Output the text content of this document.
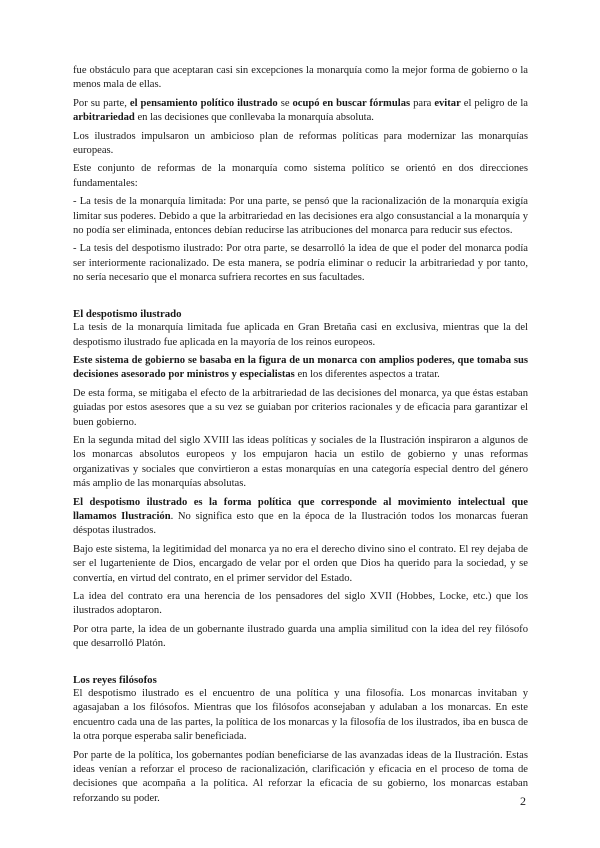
fue obstáculo para que aceptaran casi sin excepciones la monarquía como la mejor forma de gobierno o la menos mala de ellas.

Por su parte, el pensamiento político ilustrado se ocupó en buscar fórmulas para evitar el peligro de la arbitrariedad en las decisiones que conllevaba la monarquía absoluta.

Los ilustrados impulsaron un ambicioso plan de reformas políticas para modernizar las monarquías europeas.

Este conjunto de reformas de la monarquía como sistema político se orientó en dos direcciones fundamentales:

- La tesis de la monarquía limitada: Por una parte, se pensó que la racionalización de la monarquía exigía limitar sus poderes. Debido a que la arbitrariedad en las decisiones era algo consustancial a la monarquía y no podía ser eliminada, entonces debían reducirse las atribuciones del monarca para reducir sus efectos.

- La tesis del despotismo ilustrado: Por otra parte, se desarrolló la idea de que el poder del monarca podía ser interiormente racionalizado. De esta manera, se podría eliminar o reducir la arbitrariedad y por tanto, no sería necesario que el monarca sufriera recortes en sus facultades.

El despotismo ilustrado

La tesis de la monarquía limitada fue aplicada en Gran Bretaña casi en exclusiva, mientras que la del despotismo ilustrado fue aplicada en la mayoría de los reinos europeos.

Este sistema de gobierno se basaba en la figura de un monarca con amplios poderes, que tomaba sus decisiones asesorado por ministros y especialistas en los diferentes aspectos a tratar.

De esta forma, se mitigaba el efecto de la arbitrariedad de las decisiones del monarca, ya que éstas estaban guiadas por estos asesores que a su vez se guiaban por criterios racionales y de eficacia para garantizar el buen gobierno.

En la segunda mitad del siglo XVIII las ideas políticas y sociales de la Ilustración inspiraron a algunos de los monarcas absolutos europeos y los empujaron hacia un estilo de gobierno y unas reformas organizativas y sociales que convirtieron a estas monarquías en una categoría especial dentro del género más amplio de las monarquías absolutas.

El despotismo ilustrado es la forma política que corresponde al movimiento intelectual que llamamos Ilustración. No significa esto que en la época de la Ilustración todos los monarcas fueran déspotas ilustrados.

Bajo este sistema, la legitimidad del monarca ya no era el derecho divino sino el contrato. El rey dejaba de ser el lugarteniente de Dios, encargado de velar por el orden que Dios ha querido para la sociedad, y se convertía, en virtud del contrato, en el primer servidor del Estado.

La idea del contrato era una herencia de los pensadores del siglo XVII (Hobbes, Locke, etc.) que los ilustrados adoptaron.

Por otra parte, la idea de un gobernante ilustrado guarda una amplia similitud con la idea del rey filósofo que desarrolló Platón.

Los reyes filósofos

El despotismo ilustrado es el encuentro de una política y una filosofía. Los monarcas invitaban y agasajaban a los filósofos. Mientras que los filósofos aconsejaban y adulaban a los monarcas. En este encuentro cada una de las partes, la política de los monarcas y la filosofía de los ilustrados, iba en busca de la otra porque esperaba salir beneficiada.

Por parte de la política, los gobernantes podían beneficiarse de las avanzadas ideas de la Ilustración. Estas ideas venían a reforzar el proceso de racionalización, clarificación y eficacia en el proceso de toma de decisiones que acompaña a la política. Al reforzar la eficacia de su gobierno, los monarcas estaban reforzando su poder.	2
